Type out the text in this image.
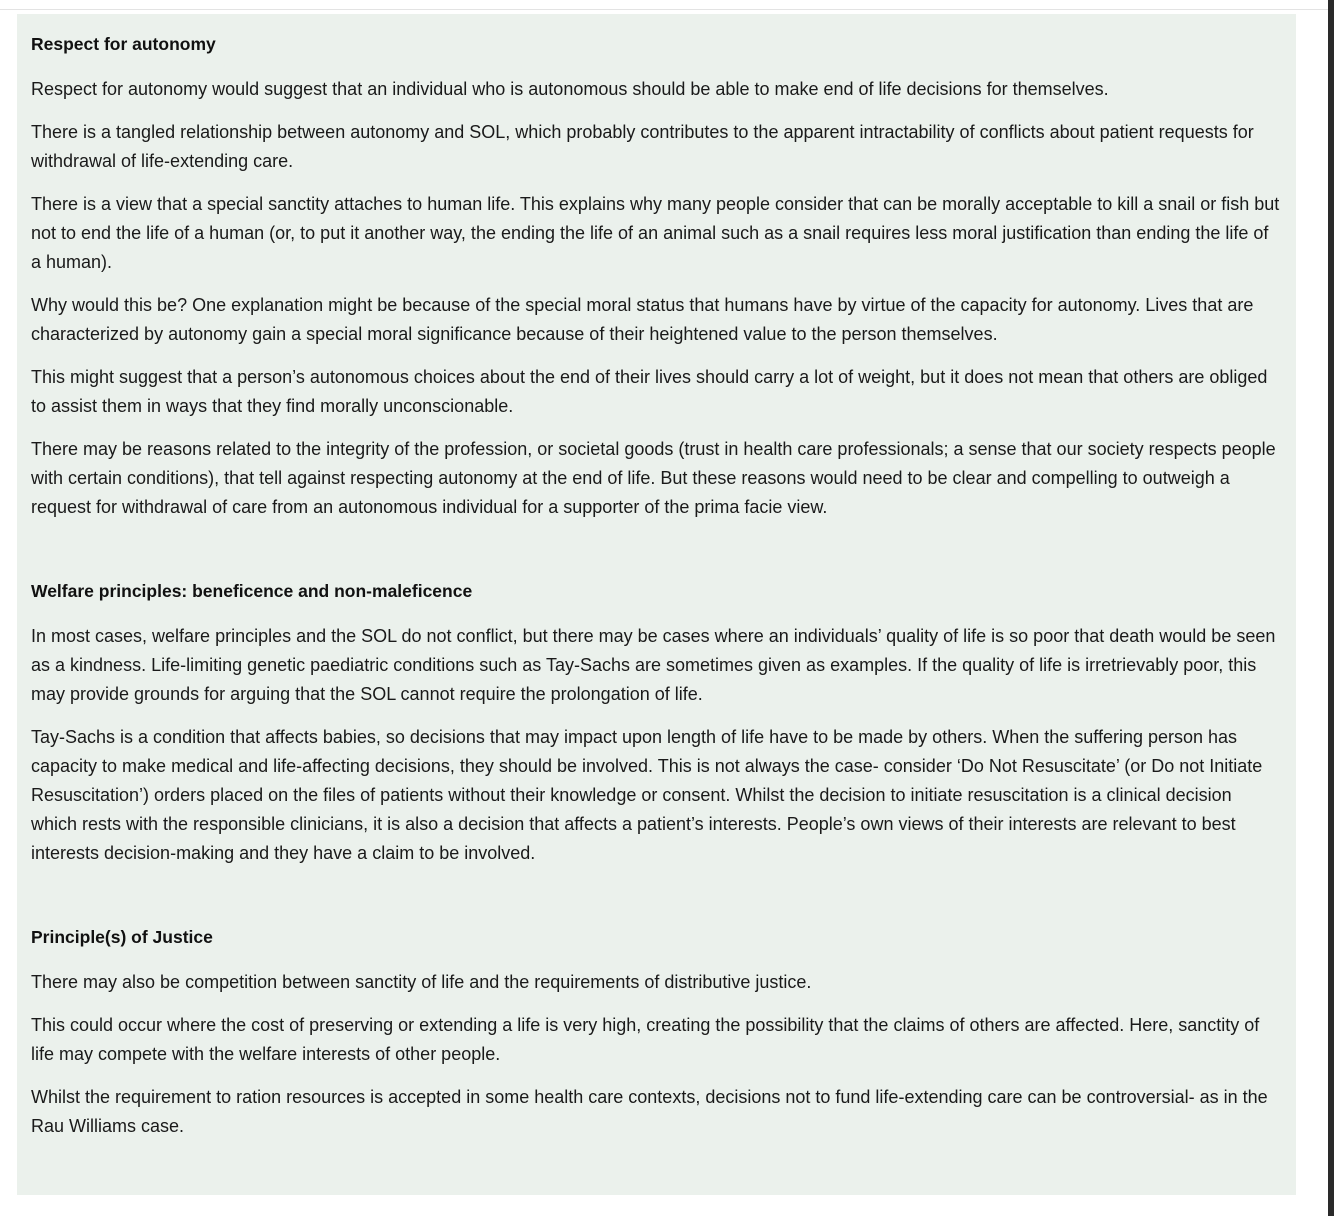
Respect for autonomy

Respect for autonomy would suggest that an individual who is autonomous should be able to make end of life decisions for themselves.

There is a tangled relationship between autonomy and SOL, which probably contributes to the apparent intractability of conflicts about patient requests for withdrawal of life-extending care.

There is a view that a special sanctity attaches to human life. This explains why many people consider that can be morally acceptable to kill a snail or fish but not to end the life of a human (or, to put it another way, the ending the life of an animal such as a snail requires less moral justification than ending the life of a human).

Why would this be? One explanation might be because of the special moral status that humans have by virtue of the capacity for autonomy. Lives that are characterized by autonomy gain a special moral significance because of their heightened value to the person themselves.

This might suggest that a person’s autonomous choices about the end of their lives should carry a lot of weight, but it does not mean that others are obliged to assist them in ways that they find morally unconscionable.

There may be reasons related to the integrity of the profession, or societal goods (trust in health care professionals; a sense that our society respects people with certain conditions), that tell against respecting autonomy at the end of life. But these reasons would need to be clear and compelling to outweigh a request for withdrawal of care from an autonomous individual for a supporter of the prima facie view.

Welfare principles: beneficence and non-maleficence

In most cases, welfare principles and the SOL do not conflict, but there may be cases where an individuals’ quality of life is so poor that death would be seen as a kindness. Life-limiting genetic paediatric conditions such as Tay-Sachs are sometimes given as examples. If the quality of life is irretrievably poor, this may provide grounds for arguing that the SOL cannot require the prolongation of life.

Tay-Sachs is a condition that affects babies, so decisions that may impact upon length of life have to be made by others. When the suffering person has capacity to make medical and life-affecting decisions, they should be involved. This is not always the case- consider ‘Do Not Resuscitate’ (or Do not Initiate Resuscitation’) orders placed on the files of patients without their knowledge or consent. Whilst the decision to initiate resuscitation is a clinical decision which rests with the responsible clinicians, it is also a decision that affects a patient’s interests. People’s own views of their interests are relevant to best interests decision-making and they have a claim to be involved.

Principle(s) of Justice

There may also be competition between sanctity of life and the requirements of distributive justice.

This could occur where the cost of preserving or extending a life is very high, creating the possibility that the claims of others are affected. Here, sanctity of life may compete with the welfare interests of other people.

Whilst the requirement to ration resources is accepted in some health care contexts, decisions not to fund life-extending care can be controversial- as in the Rau Williams case.
